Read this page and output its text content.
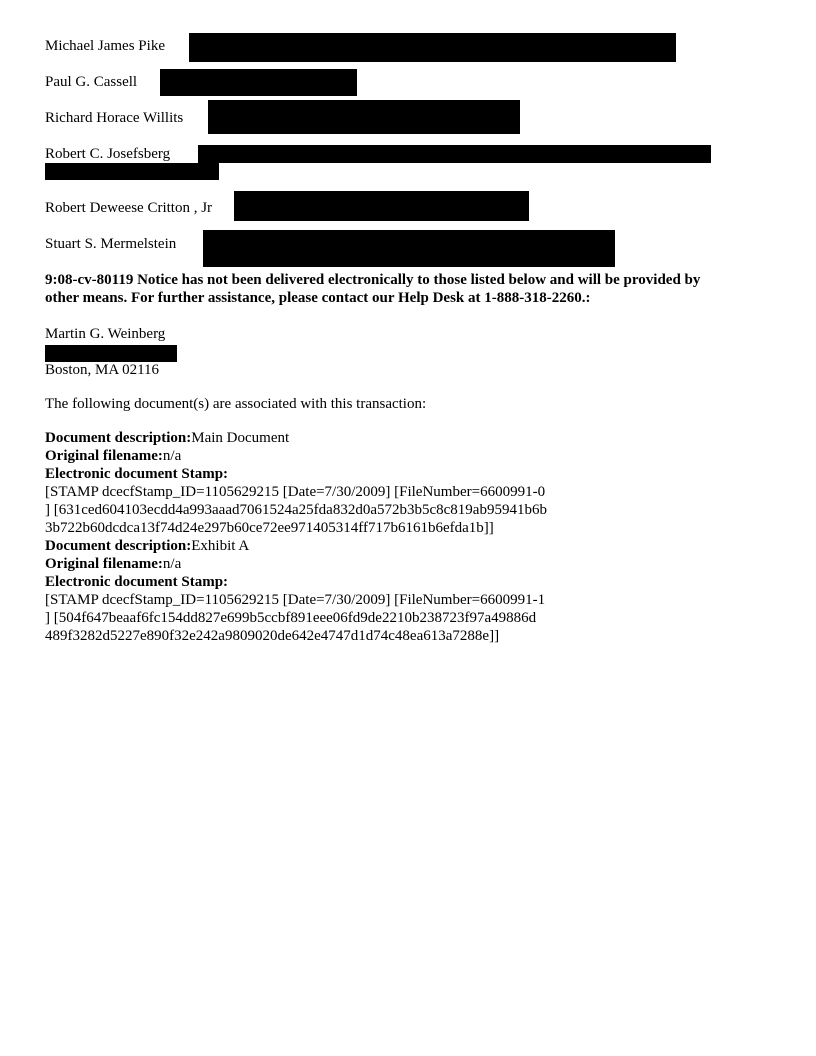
Michael James Pike
Paul G. Cassell
Richard Horace Willits
Robert C. Josefsberg
Robert Deweese Critton , Jr
Stuart S. Mermelstein
9:08-cv-80119 Notice has not been delivered electronically to those listed below and will be provided by
other means. For further assistance, please contact our Help Desk at 1-888-318-2260.:
Martin G. Weinberg
Boston, MA 02116
The following document(s) are associated with this transaction:
Document description:Main Document
Original filename:n/a
Electronic document Stamp:
[STAMP dcecfStamp_ID=1105629215 [Date=7/30/2009] [FileNumber=6600991-0
] [631ced604103ecdd4a993aaad7061524a25fda832d0a572b3b5c8c819ab95941b6b
3b722b60dcdca13f74d24e297b60ce72ee971405314ff717b6161b6efda1b]]
Document description:Exhibit A
Original filename:n/a
Electronic document Stamp:
[STAMP dcecfStamp_ID=1105629215 [Date=7/30/2009] [FileNumber=6600991-1
] [504f647beaaf6fc154dd827e699b5ccbf891eee06fd9de2210b238723f97a49886d
489f3282d5227e890f32e242a9809020de642e4747d1d74c48ea613a7288e]]
